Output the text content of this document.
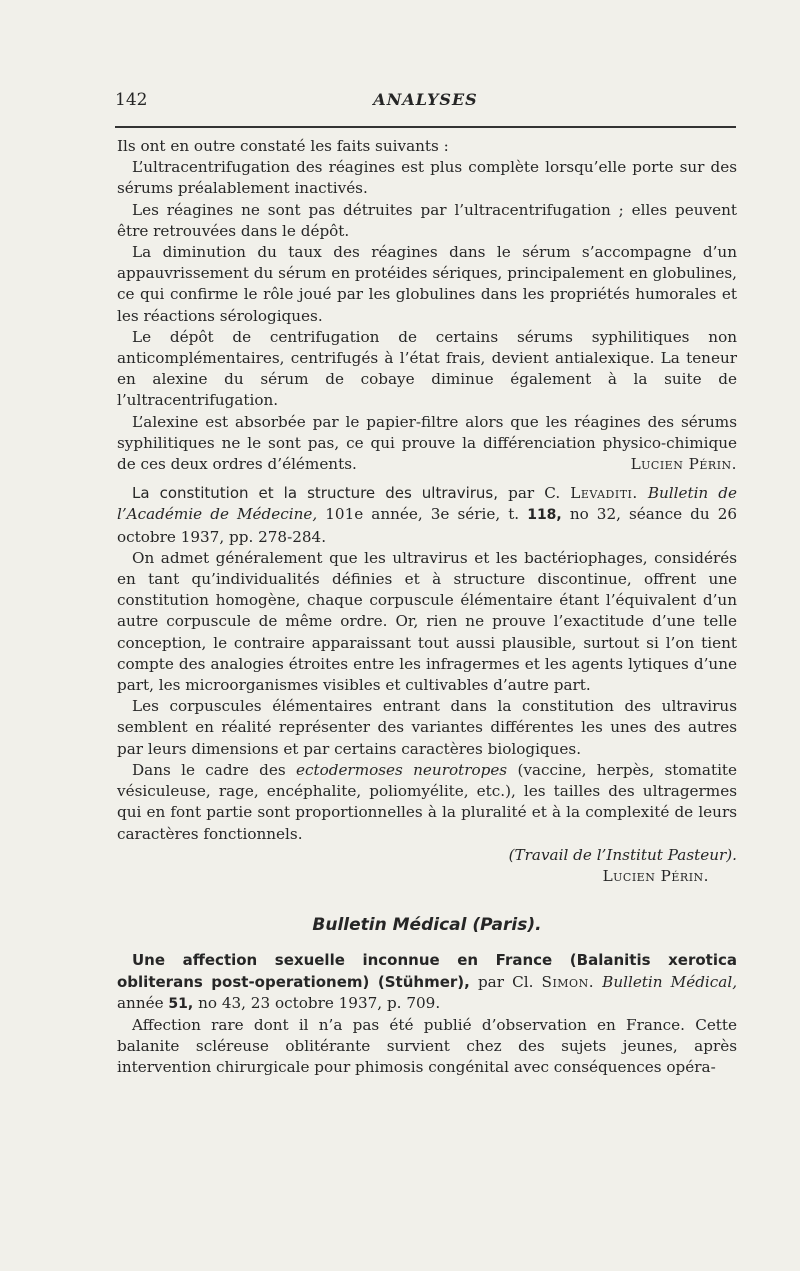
142	ANALYSES

Ils ont en outre constaté les faits suivants :

L’ultracentrifugation des réagines est plus complète lorsqu’elle porte sur des sérums préalablement inactivés.

Les réagines ne sont pas détruites par l’ultracentrifugation ; elles peuvent être retrouvées dans le dépôt.

La diminution du taux des réagines dans le sérum s’accompagne d’un appauvrissement du sérum en protéides sériques, principalement en globulines, ce qui confirme le rôle joué par les globulines dans les propriétés humorales et les réactions sérologiques.

Le dépôt de centrifugation de certains sérums syphilitiques non anticomplémentaires, centrifugés à l’état frais, devient antialexique. La teneur en alexine du sérum de cobaye diminue également à la suite de l’ultracentrifugation.

L’alexine est absorbée par le papier-filtre alors que les réagines des sérums syphilitiques ne le sont pas, ce qui prouve la différenciation physico-chimique de ces deux ordres d’éléments.	Lucien Périn.

La constitution et la structure des ultravirus, par C. Levaditi. Bulletin de l’Académie de Médecine, 101e année, 3e série, t. 118, no 32, séance du 26 octobre 1937, pp. 278-284.

On admet généralement que les ultravirus et les bactériophages, considérés en tant qu’individualités définies et à structure discontinue, offrent une constitution homogène, chaque corpuscule élémentaire étant l’équivalent d’un autre corpuscule de même ordre. Or, rien ne prouve l’exactitude d’une telle conception, le contraire apparaissant tout aussi plausible, surtout si l’on tient compte des analogies étroites entre les infragermes et les agents lytiques d’une part, les microorganismes visibles et cultivables d’autre part.

Les corpuscules élémentaires entrant dans la constitution des ultravirus semblent en réalité représenter des variantes différentes les unes des autres par leurs dimensions et par certains caractères biologiques.

Dans le cadre des ectodermoses neurotropes (vaccine, herpès, stomatite vésiculeuse, rage, encéphalite, poliomyélite, etc.), les tailles des ultragermes qui en font partie sont proportionnelles à la pluralité et à la complexité de leurs caractères fonctionnels.

(Travail de l’Institut Pasteur).
Lucien Périn.
Bulletin Médical (Paris).

Une affection sexuelle inconnue en France (Balanitis xerotica obliterans post-operationem) (Stühmer), par Cl. Simon. Bulletin Médical, année 51, no 43, 23 octobre 1937, p. 709.

Affection rare dont il n’a pas été publié d’observation en France. Cette balanite scléreuse oblitérante survient chez des sujets jeunes, après intervention chirurgicale pour phimosis congénital avec conséquences opéra-
